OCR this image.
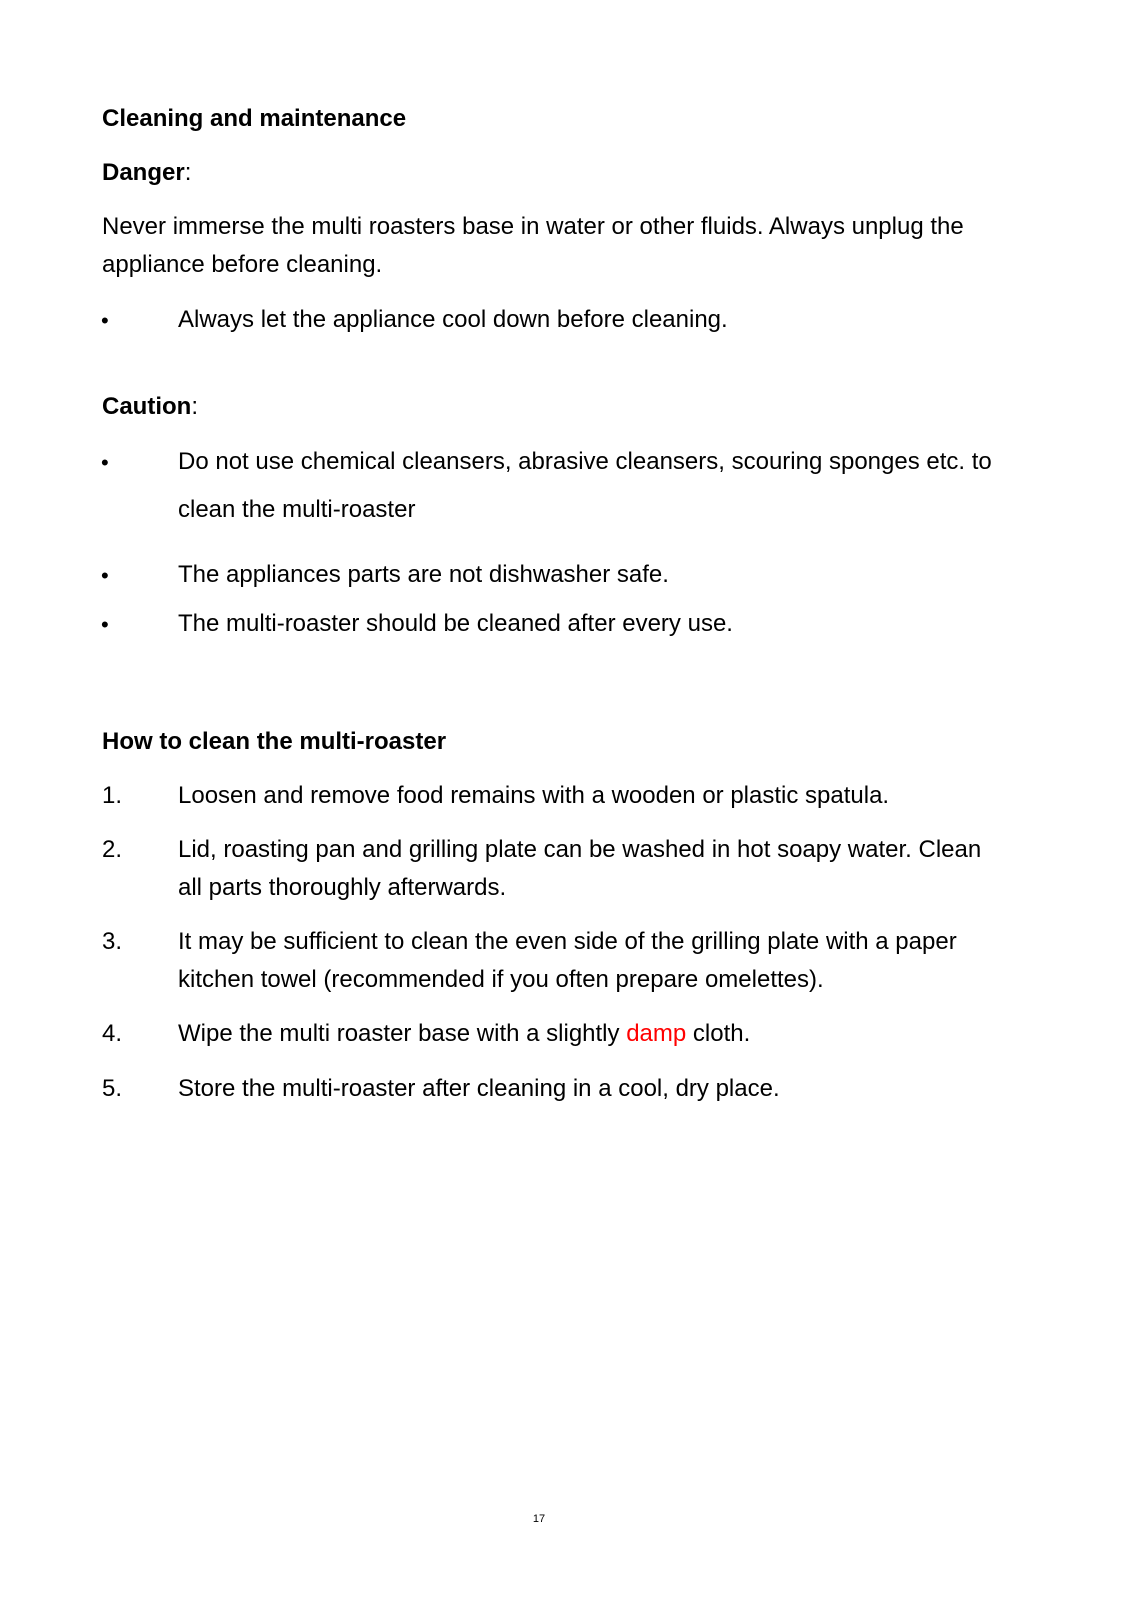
Cleaning and maintenance
Danger:
Never immerse the multi roasters base in water or other fluids. Always unplug the
appliance before cleaning.
•	Always let the appliance cool down before cleaning.
Caution:
•	Do not use chemical cleansers, abrasive cleansers, scouring sponges etc. to
clean the multi-roaster
•	The appliances parts are not dishwasher safe.
•	The multi-roaster should be cleaned after every use.
How to clean the multi-roaster
1. Loosen and remove food remains with a wooden or plastic spatula.
2. Lid, roasting pan and grilling plate can be washed in hot soapy water. Clean
all parts thoroughly afterwards.
3. It may be sufficient to clean the even side of the grilling plate with a paper
kitchen towel (recommended if you often prepare omelettes).
4. Wipe the multi roaster base with a slightly damp cloth.
5. Store the multi-roaster after cleaning in a cool, dry place.
17
